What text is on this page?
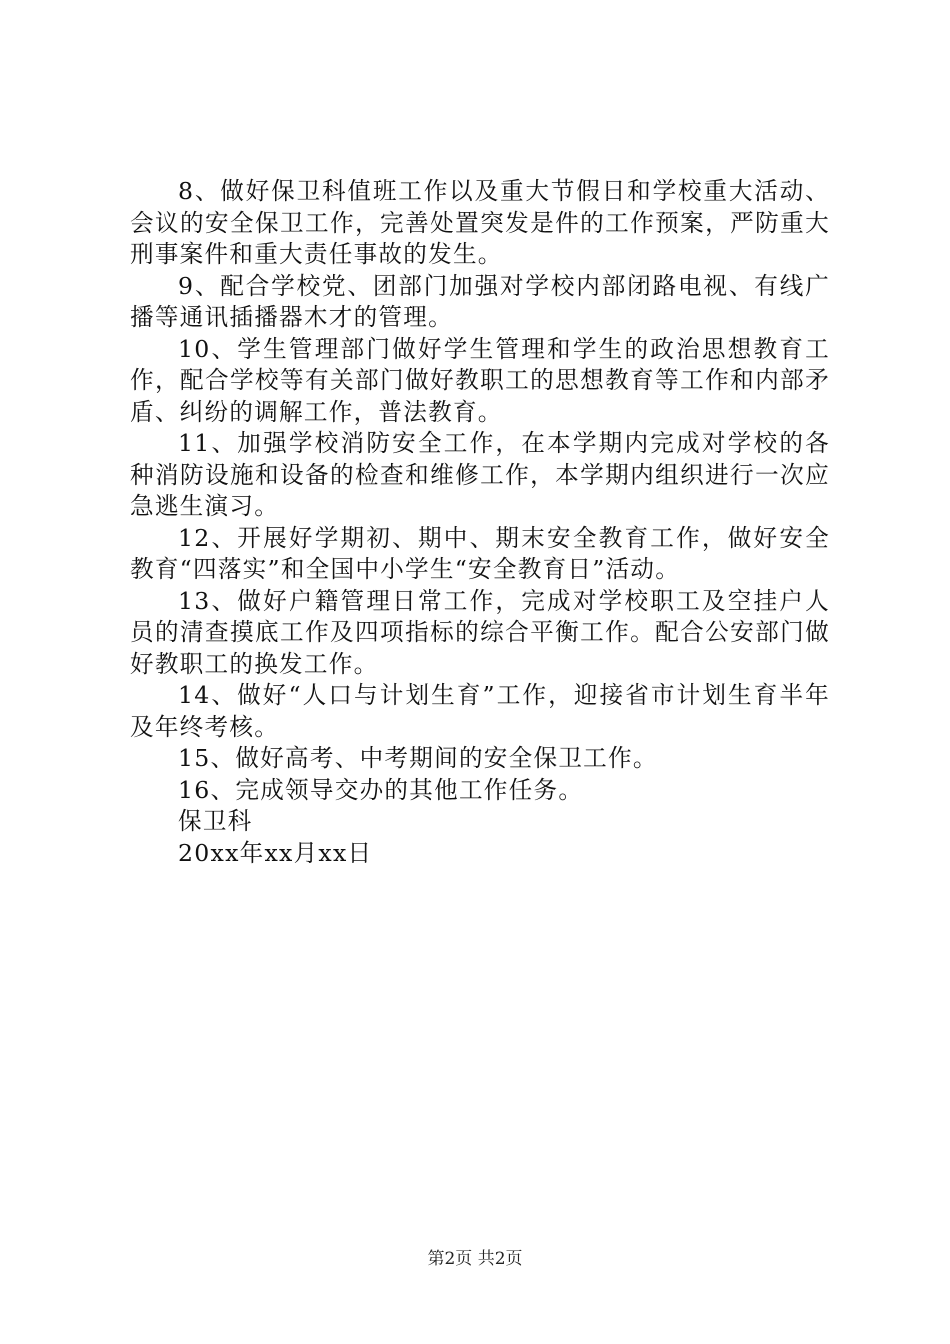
8、做好保卫科值班工作以及重大节假日和学校重大活动、会议的安全保卫工作，完善处置突发是件的工作预案，严防重大刑事案件和重大责任事故的发生。

9、配合学校党、团部门加强对学校内部闭路电视、有线广播等通讯插播器木才的管理。

10、学生管理部门做好学生管理和学生的政治思想教育工作，配合学校等有关部门做好教职工的思想教育等工作和内部矛盾、纠纷的调解工作，普法教育。

11、加强学校消防安全工作，在本学期内完成对学校的各种消防设施和设备的检查和维修工作，本学期内组织进行一次应急逃生演习。

12、开展好学期初、期中、期末安全教育工作，做好安全教育“四落实”和全国中小学生“安全教育日”活动。

13、做好户籍管理日常工作，完成对学校职工及空挂户人员的清查摸底工作及四项指标的综合平衡工作。配合公安部门做好教职工的换发工作。

14、做好“人口与计划生育”工作，迎接省市计划生育半年及年终考核。

15、做好高考、中考期间的安全保卫工作。

16、完成领导交办的其他工作任务。

保卫科

20xx年xx月xx日

第2页 共2页
